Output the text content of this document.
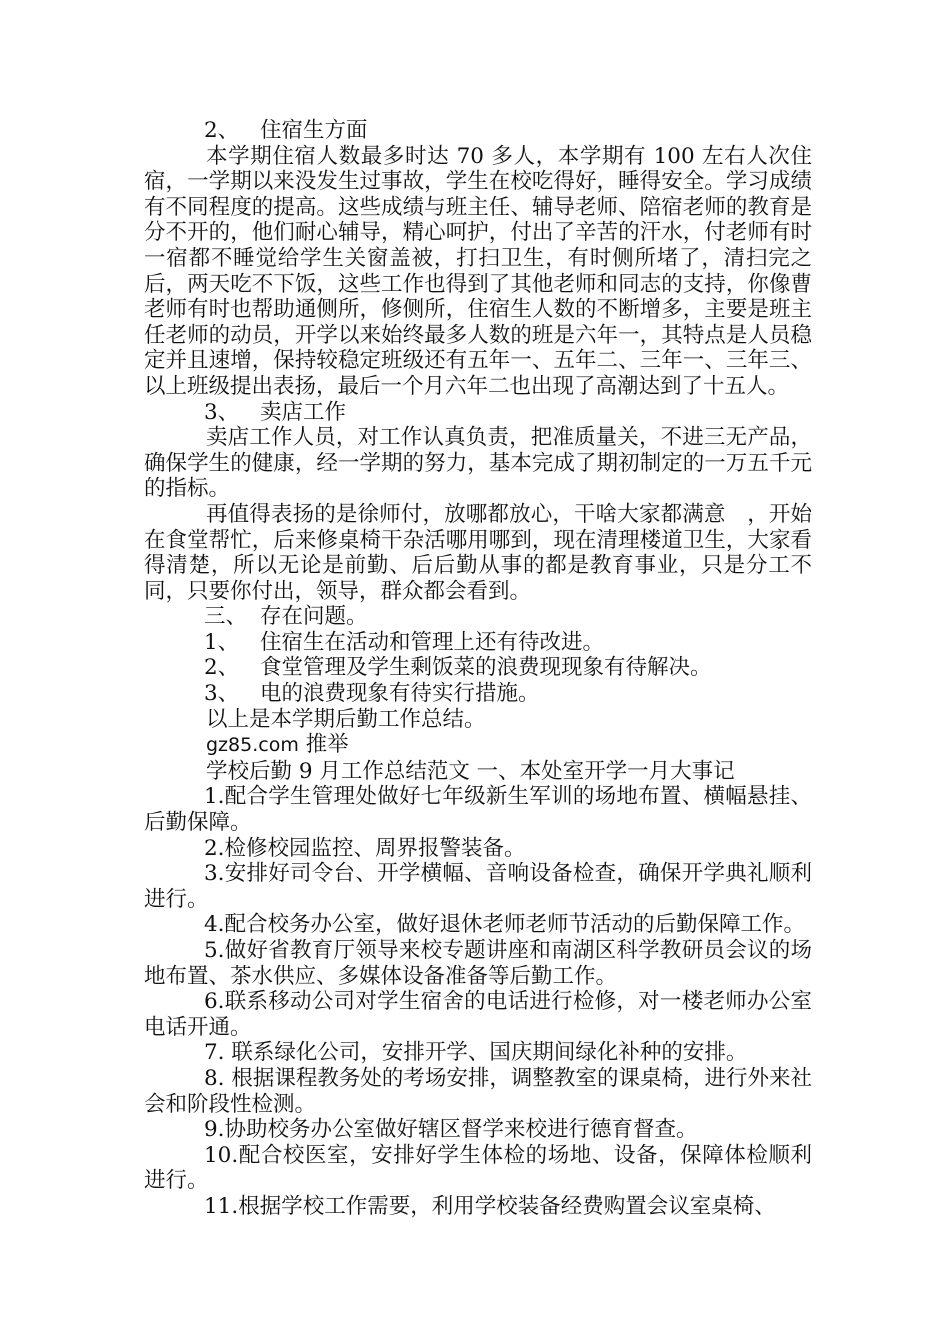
2、 住宿生方面

本学期住宿人数最多时达 70 多人，本学期有 100 左右人次住宿，一学期以来没发生过事故，学生在校吃得好，睡得安全。学习成绩有不同程度的提高。这些成绩与班主任、辅导老师、陪宿老师的教育是分不开的，他们耐心辅导，精心呵护，付出了辛苦的汗水，付老师有时一宿都不睡觉给学生关窗盖被，打扫卫生，有时侧所堵了，清扫完之后，两天吃不下饭，这些工作也得到了其他老师和同志的支持，你像曹老师有时也帮助通侧所，修侧所，住宿生人数的不断增多，主要是班主任老师的动员，开学以来始终最多人数的班是六年一，其特点是人员稳定并且速增，保持较稳定班级还有五年一、五年二、三年一、三年三、以上班级提出表扬，最后一个月六年二也出现了高潮达到了十五人。

3、 卖店工作

卖店工作人员，对工作认真负责，把准质量关，不进三无产品，确保学生的健康，经一学期的努力，基本完成了期初制定的一万五千元的指标。

再值得表扬的是徐师付，放哪都放心，干啥大家都满意　，开始在食堂帮忙，后来修桌椅干杂活哪用哪到，现在清理楼道卫生，大家看得清楚，所以无论是前勤、后后勤从事的都是教育事业，只是分工不同，只要你付出，领导，群众都会看到。

三、 存在问题。

1、 住宿生在活动和管理上还有待改进。

2、 食堂管理及学生剩饭菜的浪费现现象有待解决。

3、 电的浪费现象有待实行措施。

以上是本学期后勤工作总结。

gz85.com 推举

学校后勤 9 月工作总结范文 一、本处室开学一月大事记

1.配合学生管理处做好七年级新生军训的场地布置、横幅悬挂、后勤保障。

2.检修校园监控、周界报警装备。

3.安排好司令台、开学横幅、音响设备检查，确保开学典礼顺利进行。

4.配合校务办公室，做好退休老师老师节活动的后勤保障工作。

5.做好省教育厅领导来校专题讲座和南湖区科学教研员会议的场地布置、茶水供应、多媒体设备准备等后勤工作。

6.联系移动公司对学生宿舍的电话进行检修，对一楼老师办公室电话开通。

7. 联系绿化公司，安排开学、国庆期间绿化补种的安排。

8. 根据课程教务处的考场安排，调整教室的课桌椅，进行外来社会和阶段性检测。

9.协助校务办公室做好辖区督学来校进行德育督查。

10.配合校医室，安排好学生体检的场地、设备，保障体检顺利进行。

11.根据学校工作需要，利用学校装备经费购置会议室桌椅、
